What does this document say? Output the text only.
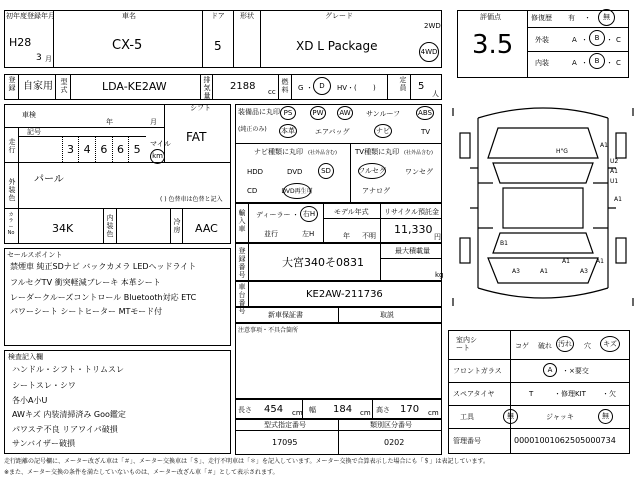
初年度登録年月
H28
3 月
車名
CX-5
ドア
5
形状	グレード
XD L Package
2WD
4WD
評価点
3.5
修復歴 有 ・ 無
外装	A ・ B ・ C
内装	A ・ B ・ C
登録 自家用 型式	LDA-KE2AW	排気量
2188 cc
燃料 G ・ D HV・( )
定員 5
人
車検
年	月
シフト
FAT
走行
記号
3 4 6 6 5	マイル
km
外装色
パール
( ) 色替車は色替と記入
カラーNo	34K
内装色
冷房 AAC
セールスポイント
禁煙車 純正SDナビ バックカメラ LEDヘッドライト
フルセグTV 衝突軽減ブレーキ 本革シート
レーダークルーズコントロール Bluetooth対応 ETC
パワーシート シートヒーター MTモード付
検査記入欄
ハンドル・シフト・トリムスレ
シートスレ・シワ
各小A小U
AWキズ 内装清掃済み Goo鑑定
パワステ不良 リアワイパ破損
サンバイザー破損
装備品に丸印
(純正のみ)
PS	PW AW サンルーフ	ABS
本革	エアバッグ	ナビ	TV
ナビ種類に丸印 (社外品含む)
HDD	DVD	SD
CD	DVD再生可
TV種類に丸印 (社外品含む)
フルセグ	ワンセグ
アナログ
輸入車
ディーラー ・ 右H
並行	左H
モデル年式
年 不明
リサイクル預託金
11,330
円
登録番号
大宮340そ0831
最大積載量
kg
車台番号
KE2AW-211736
新車保証書	取説
注意事項・不具合箇所
長さ 454 cm 幅 184 cm 高さ 170 cm
型式指定番号
17095
類別区分番号
0202
H"G
A1
U2
A1
U1
A1
B1
A1	A1
A3	A1	A3
室内シート	コゲ 破れ 汚れ 穴 キズ
フロントガラス	A ・×要交
スペアタイヤ	T	・修理KIT ・欠
工具	無	ジャッキ	無
管理番号	0000100106250500073​4
走行距離の記号欄に、メーター改ざん車は「＃」、メーター交換車は「＄」、走行不明車は「＊」を記入しています。メーター交換で合算表示した場合にも「＄」は表記しています。
※また、メーター交換の条件を満たしていないものは、メーター改ざん車「＃」として表示されます。
